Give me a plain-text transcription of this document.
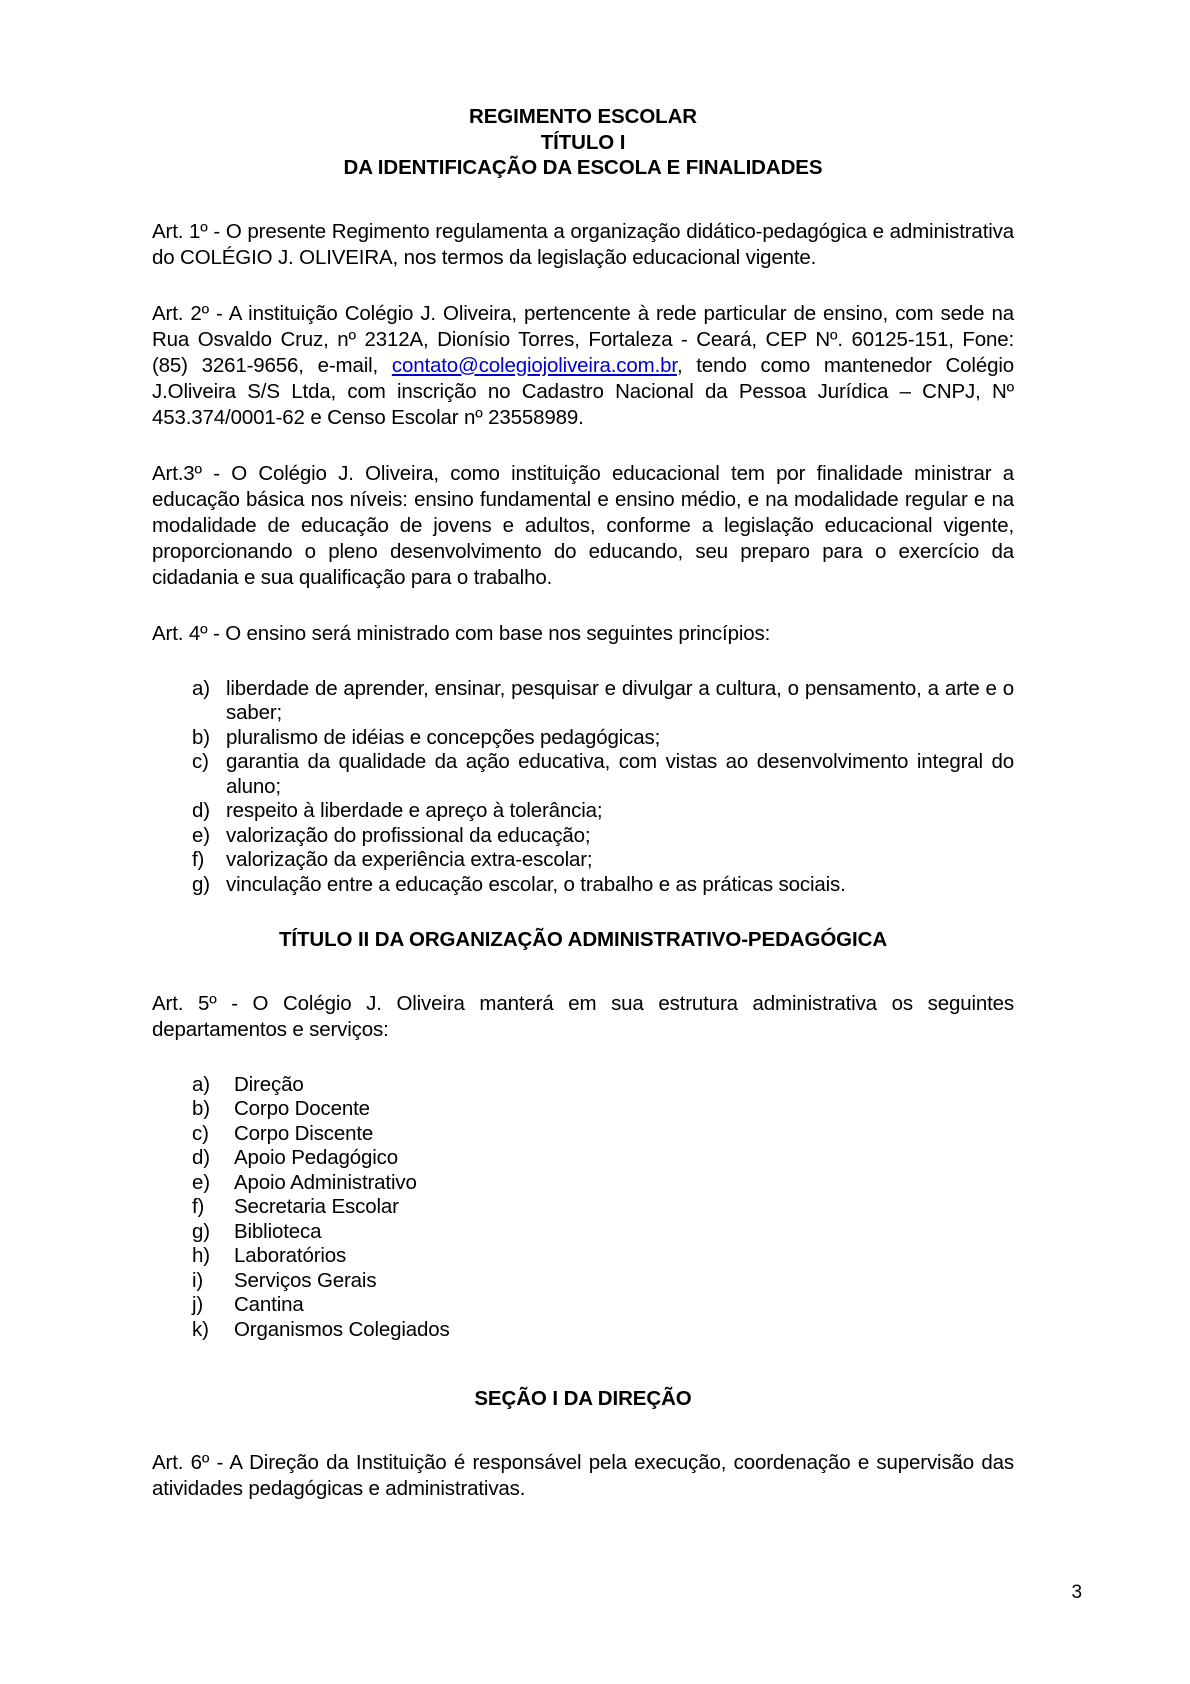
REGIMENTO ESCOLAR
TÍTULO I
DA IDENTIFICAÇÃO DA ESCOLA E FINALIDADES

Art. 1º - O presente Regimento regulamenta a organização didático-pedagógica e administrativa do COLÉGIO J. OLIVEIRA, nos termos da legislação educacional vigente.

Art. 2º - A instituição Colégio J. Oliveira, pertencente à rede particular de ensino, com sede na Rua Osvaldo Cruz, nº 2312A, Dionísio Torres, Fortaleza - Ceará, CEP Nº. 60125-151, Fone: (85) 3261-9656, e-mail, contato@colegiojoliveira.com.br, tendo como mantenedor Colégio J.Oliveira S/S Ltda, com inscrição no Cadastro Nacional da Pessoa Jurídica – CNPJ, Nº 453.374/0001-62 e Censo Escolar nº 23558989.

Art.3º - O Colégio J. Oliveira, como instituição educacional tem por finalidade ministrar a educação básica nos níveis: ensino fundamental e ensino médio, e na modalidade regular e na modalidade de educação de jovens e adultos, conforme a legislação educacional vigente, proporcionando o pleno desenvolvimento do educando, seu preparo para o exercício da cidadania e sua qualificação para o trabalho.

Art. 4º - O ensino será ministrado com base nos seguintes princípios:

a) liberdade de aprender, ensinar, pesquisar e divulgar a cultura, o pensamento, a arte e o saber;
b) pluralismo de idéias e concepções pedagógicas;
c) garantia da qualidade da ação educativa, com vistas ao desenvolvimento integral do aluno;
d) respeito à liberdade e apreço à tolerância;
e) valorização do profissional da educação;
f)	valorização da experiência extra-escolar;
g) vinculação entre a educação escolar, o trabalho e as práticas sociais.
TÍTULO II DA ORGANIZAÇÃO ADMINISTRATIVO-PEDAGÓGICA

Art. 5º - O Colégio J. Oliveira manterá em sua estrutura administrativa os seguintes departamentos e serviços:

a)	Direção
b)	Corpo Docente
c)	Corpo Discente
d)	Apoio Pedagógico
e)	Apoio Administrativo
f)	Secretaria Escolar
g)	Biblioteca
h)	Laboratórios
i)	Serviços Gerais
j)	Cantina
k)	Organismos Colegiados
SEÇÃO I DA DIREÇÃO

Art. 6º - A Direção da Instituição é responsável pela execução, coordenação e supervisão das atividades pedagógicas e administrativas.

3
